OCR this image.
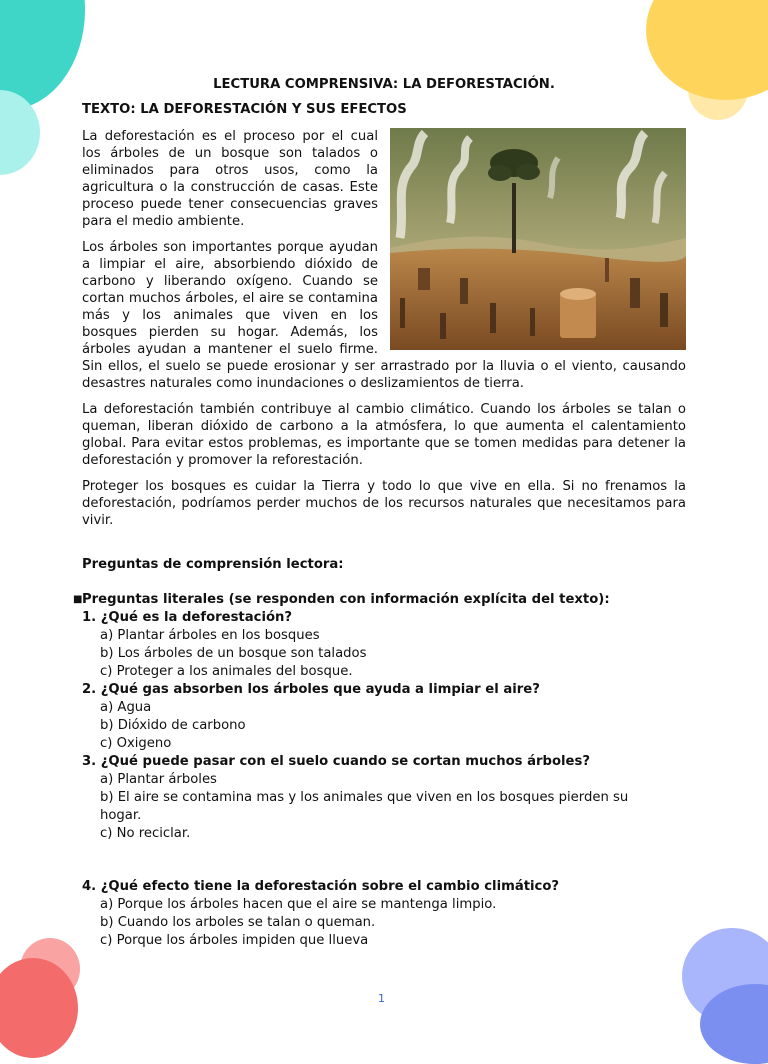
LECTURA COMPRENSIVA: LA DEFORESTACIÓN.
TEXTO: LA DEFORESTACIÓN Y SUS EFECTOS

La deforestación es el proceso por el cual los árboles de un bosque son talados o eliminados para otros usos, como la agricultura o la construcción de casas. Este proceso puede tener consecuencias graves para el medio ambiente.

Los árboles son importantes porque ayudan a limpiar el aire, absorbiendo dióxido de carbono y liberando oxígeno. Cuando se cortan muchos árboles, el aire se contamina más y los animales que viven en los bosques pierden su hogar. Además, los árboles ayudan a mantener el suelo firme. Sin ellos, el suelo se puede erosionar y ser arrastrado por la lluvia o el viento, causando desastres naturales como inundaciones o deslizamientos de tierra.

La deforestación también contribuye al cambio climático. Cuando los árboles se talan o queman, liberan dióxido de carbono a la atmósfera, lo que aumenta el calentamiento global. Para evitar estos problemas, es importante que se tomen medidas para detener la deforestación y promover la reforestación.

Proteger los bosques es cuidar la Tierra y todo lo que vive en ella. Si no frenamos la deforestación, podríamos perder muchos de los recursos naturales que necesitamos para vivir.

Preguntas de comprensión lectora:
■ Preguntas literales (se responden con información explícita del texto):
1. ¿Qué es la deforestación?
a) Plantar árboles en los bosques
b) Los árboles de un bosque son talados
c) Proteger a los animales del bosque.
2. ¿Qué gas absorben los árboles que ayuda a limpiar el aire?
a) Agua
b) Dióxido de carbono
c) Oxigeno
3. ¿Qué puede pasar con el suelo cuando se cortan muchos árboles?
a) Plantar árboles
b) El aire se contamina mas y los animales que viven en los bosques pierden su hogar.
c) No reciclar.
4. ¿Qué efecto tiene la deforestación sobre el cambio climático?
a) Porque los árboles hacen que el aire se mantenga limpio.
b) Cuando los arboles se talan o queman.
c) Porque los árboles impiden que llueva
1
